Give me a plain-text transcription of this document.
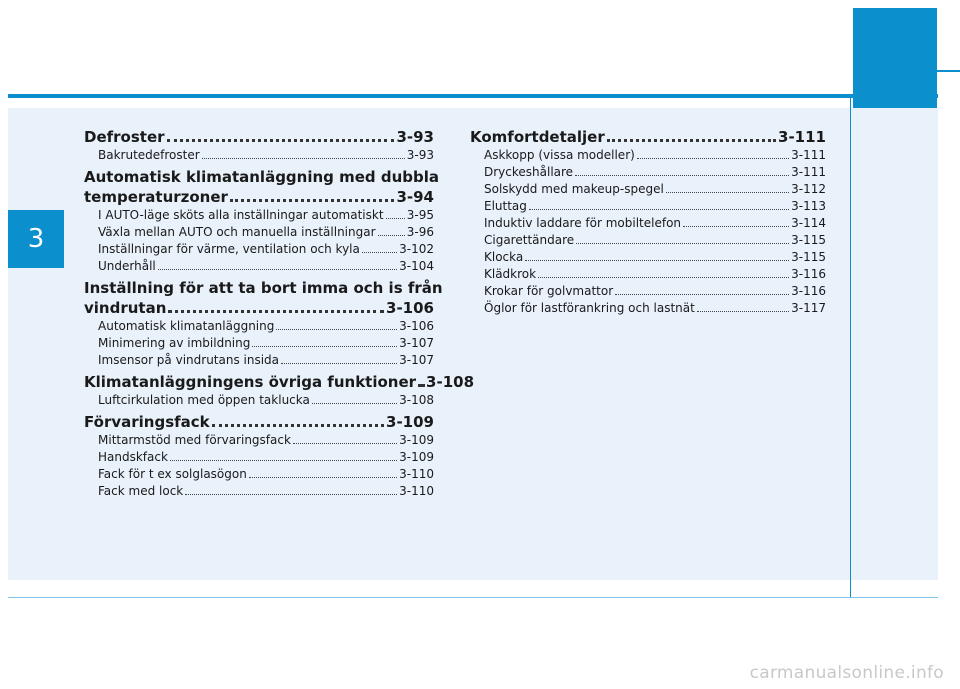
3
Defroster	3-93
Bakrutedefroster	3-93
Automatisk klimatanläggning med dubbla
temperaturzoner	3-94
I AUTO-läge sköts alla inställningar automatiskt 3-95
Växla mellan AUTO och manuella inställningar	3-96
Inställningar för värme, ventilation och kyla	3-102
Underhåll	3-104
Inställning för att ta bort imma och is från
vindrutan	3-106
Automatisk klimatanläggning	3-106
Minimering av imbildning	3-107
Imsensor på vindrutans insida	3-107
Klimatanläggningens övriga funktioner 3-108
Luftcirkulation med öppen taklucka	3-108
Förvaringsfack	3-109
Mittarmstöd med förvaringsfack	3-109
Handskfack	3-109
Fack för t ex solglasögon	3-110
Fack med lock	3-110
Komfortdetaljer	3-111
Askkopp (vissa modeller)	3-111
Dryckeshållare	3-111
Solskydd med makeup-spegel	3-112
Eluttag	3-113
Induktiv laddare för mobiltelefon	3-114
Cigarettändare	3-115
Klocka	3-115
Klädkrok	3-116
Krokar för golvmattor	3-116
Öglor för lastförankring och lastnät	3-117
carmanualsonline.info
